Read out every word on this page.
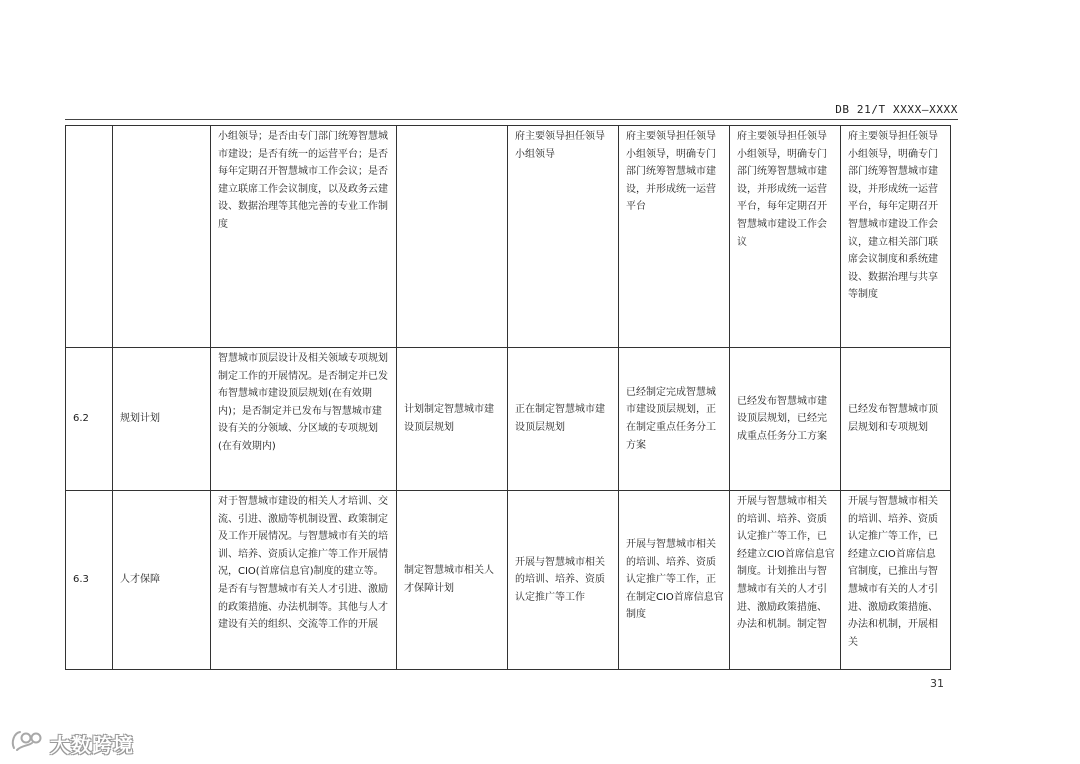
DB 21/T XXXX—XXXX
		小组领导；是否由专门部门统筹智慧城市建设；是否有统一的运营平台；是否每年定期召开智慧城市工作会议；是否建立联席工作会议制度，以及政务云建设、数据治理等其他完善的专业工作制度		府主要领导担任领导小组领导	府主要领导担任领导小组领导，明确专门部门统筹智慧城市建设，并形成统一运营平台	府主要领导担任领导小组领导，明确专门部门统筹智慧城市建设，并形成统一运营平台，每年定期召开智慧城市建设工作会议	府主要领导担任领导小组领导，明确专门部门统筹智慧城市建设，并形成统一运营平台，每年定期召开智慧城市建设工作会议，建立相关部门联席会议制度和系统建设、数据治理与共享等制度
6.2	规划计划	智慧城市顶层设计及相关领域专项规划制定工作的开展情况。是否制定并已发布智慧城市建设顶层规划(在有效期内)；是否制定并已发布与智慧城市建设有关的分领域、分区域的专项规划(在有效期内)	计划制定智慧城市建设顶层规划	正在制定智慧城市建设顶层规划	已经制定完成智慧城市建设顶层规划，正在制定重点任务分工方案	已经发布智慧城市建设顶层规划，已经完成重点任务分工方案	已经发布智慧城市顶层规划和专项规划
6.3	人才保障	对于智慧城市建设的相关人才培训、交流、引进、激励等机制设置、政策制定及工作开展情况。与智慧城市有关的培训、培养、资质认定推广等工作开展情况，CIO(首席信息官)制度的建立等。是否有与智慧城市有关人才引进、激励的政策措施、办法机制等。其他与人才建设有关的组织、交流等工作的开展	制定智慧城市相关人才保障计划	开展与智慧城市相关的培训、培养、资质认定推广等工作	开展与智慧城市相关的培训、培养、资质认定推广等工作，正在制定CIO首席信息官制度	开展与智慧城市相关的培训、培养、资质认定推广等工作，已经建立CIO首席信息官制度。计划推出与智慧城市有关的人才引进、激励政策措施、办法和机制。制定智	开展与智慧城市相关的培训、培养、资质认定推广等工作，已经建立CIO首席信息官制度，已推出与智慧城市有关的人才引进、激励政策措施、办法和机制，开展相关
31
大数跨境
